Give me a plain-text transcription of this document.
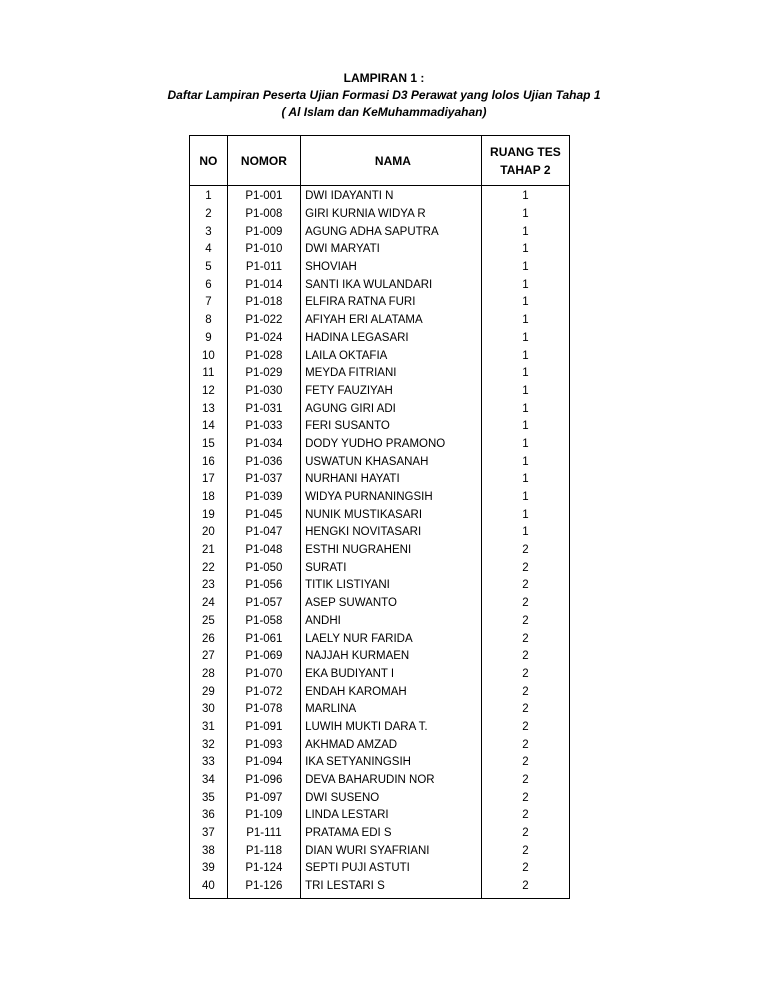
LAMPIRAN 1 :
Daftar Lampiran Peserta Ujian Formasi D3 Perawat yang lolos Ujian Tahap 1
( Al Islam dan KeMuhammadiyahan)
NO	NOMOR	NAMA	RUANG TES
TAHAP 2

1	P1-001	DWI IDAYANTI N	1
2	P1-008	GIRI KURNIA WIDYA R	1
3	P1-009	AGUNG ADHA SAPUTRA	1
4	P1-010	DWI MARYATI	1
5	P1-011	SHOVIAH	1
6	P1-014	SANTI IKA WULANDARI	1
7	P1-018	ELFIRA RATNA FURI	1
8	P1-022	AFIYAH ERI ALATAMA	1
9	P1-024	HADINA LEGASARI	1
10	P1-028	LAILA OKTAFIA	1
11	P1-029	MEYDA FITRIANI	1
12	P1-030	FETY FAUZIYAH	1
13	P1-031	AGUNG GIRI ADI	1
14	P1-033	FERI SUSANTO	1
15	P1-034	DODY YUDHO PRAMONO	1
16	P1-036	USWATUN KHASANAH	1
17	P1-037	NURHANI HAYATI	1
18	P1-039	WIDYA PURNANINGSIH	1
19	P1-045	NUNIK MUSTIKASARI	1
20	P1-047	HENGKI NOVITASARI	1
21	P1-048	ESTHI NUGRAHENI	2
22	P1-050	SURATI	2
23	P1-056	TITIK LISTIYANI	2
24	P1-057	ASEP SUWANTO	2
25	P1-058	ANDHI	2
26	P1-061	LAELY NUR FARIDA	2
27	P1-069	NAJJAH KURMAEN	2
28	P1-070	EKA BUDIYANT I	2
29	P1-072	ENDAH KAROMAH	2
30	P1-078	MARLINA	2
31	P1-091	LUWIH MUKTI DARA T.	2
32	P1-093	AKHMAD AMZAD	2
33	P1-094	IKA SETYANINGSIH	2
34	P1-096	DEVA BAHARUDIN NOR	2
35	P1-097	DWI SUSENO	2
36	P1-109	LINDA LESTARI	2
37	P1-111	PRATAMA EDI S	2
38	P1-118	DIAN WURI SYAFRIANI	2
39	P1-124	SEPTI PUJI ASTUTI	2
40	P1-126	TRI LESTARI S	2
